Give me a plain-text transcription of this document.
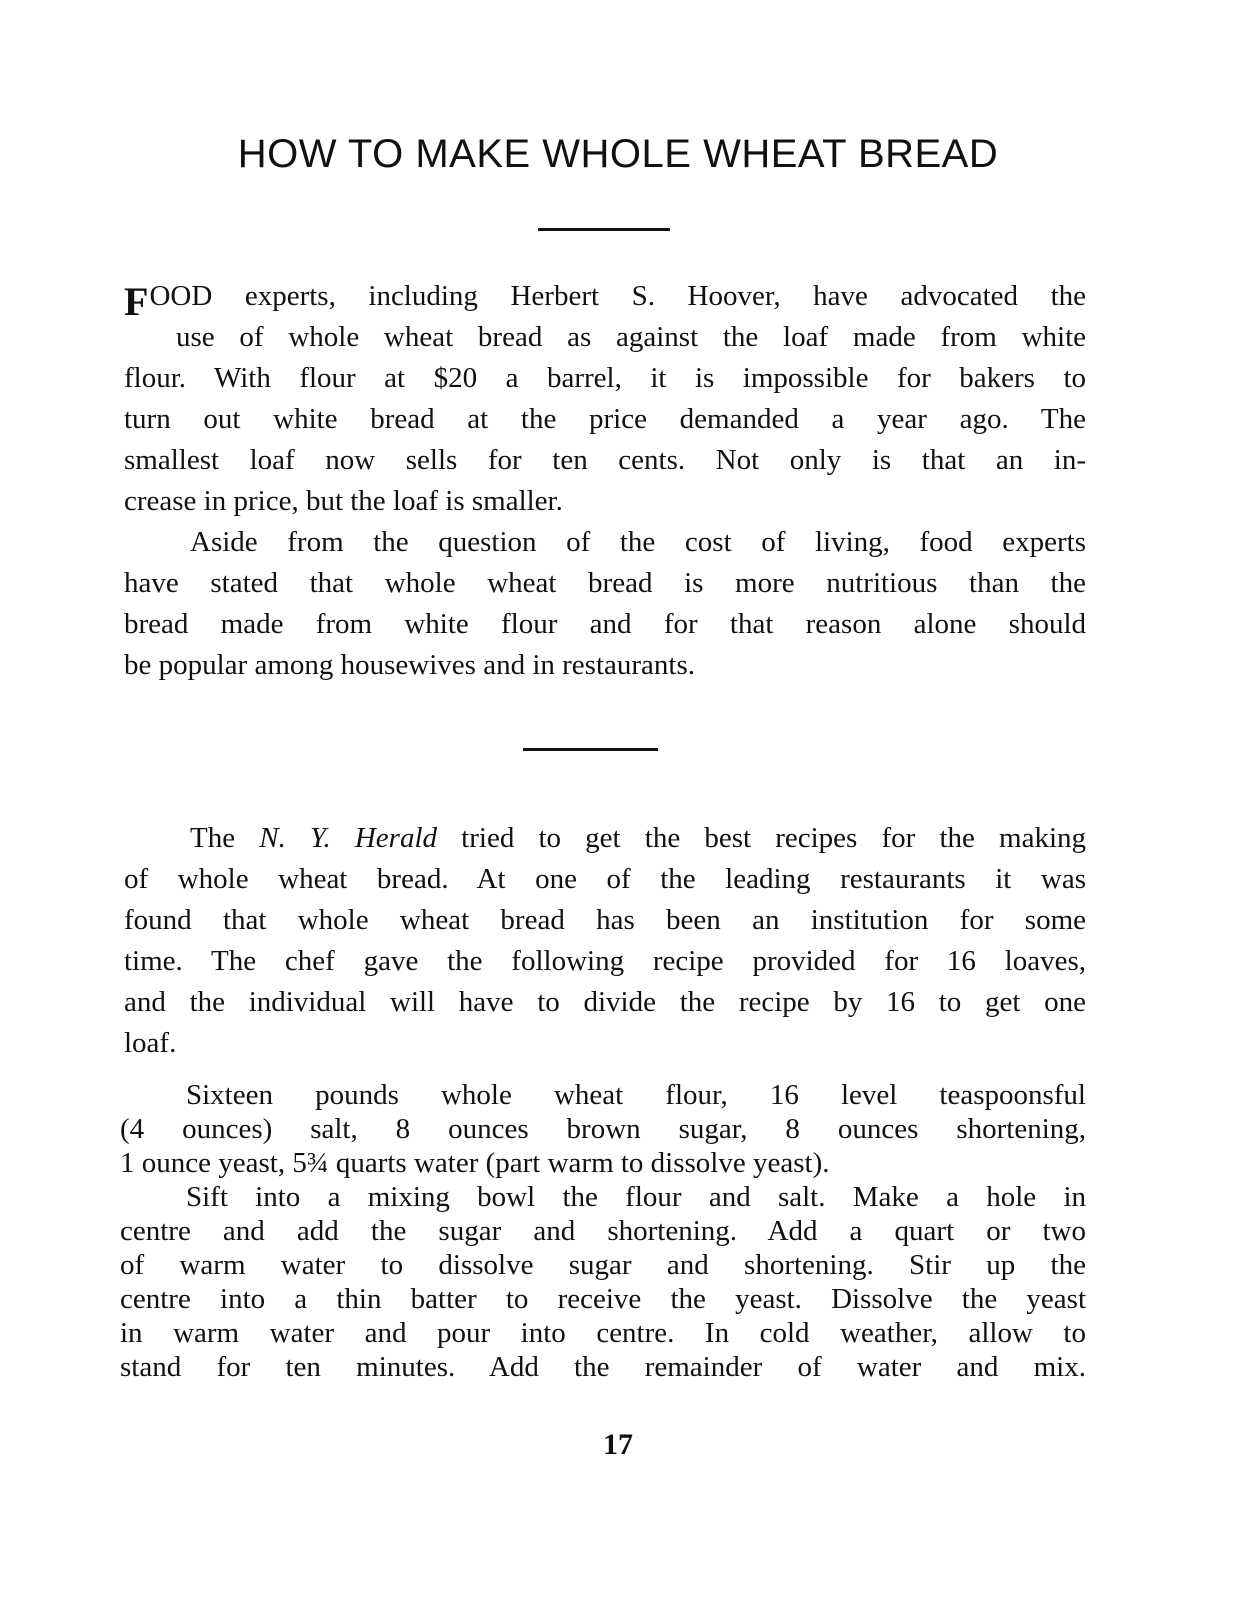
HOW TO MAKE WHOLE WHEAT BREAD
FOOD experts, including Herbert S. Hoover, have advocated the
use of whole wheat bread as against the loaf made from white
flour. With flour at $20 a barrel, it is impossible for bakers to
turn out white bread at the price demanded a year ago. The
smallest loaf now sells for ten cents. Not only is that an in-
crease in price, but the loaf is smaller.
Aside from the question of the cost of living, food experts
have stated that whole wheat bread is more nutritious than the
bread made from white flour and for that reason alone should
be popular among housewives and in restaurants.
The N. Y. Herald tried to get the best recipes for the making
of whole wheat bread. At one of the leading restaurants it was
found that whole wheat bread has been an institution for some
time. The chef gave the following recipe provided for 16 loaves,
and the individual will have to divide the recipe by 16 to get one
loaf.
Sixteen pounds whole wheat flour, 16 level teaspoonsful
(4 ounces) salt, 8 ounces brown sugar, 8 ounces shortening,
1 ounce yeast, 5¾ quarts water (part warm to dissolve yeast).
Sift into a mixing bowl the flour and salt. Make a hole in
centre and add the sugar and shortening. Add a quart or two
of warm water to dissolve sugar and shortening. Stir up the
centre into a thin batter to receive the yeast. Dissolve the yeast
in warm water and pour into centre. In cold weather, allow to
stand for ten minutes. Add the remainder of water and mix.

17
